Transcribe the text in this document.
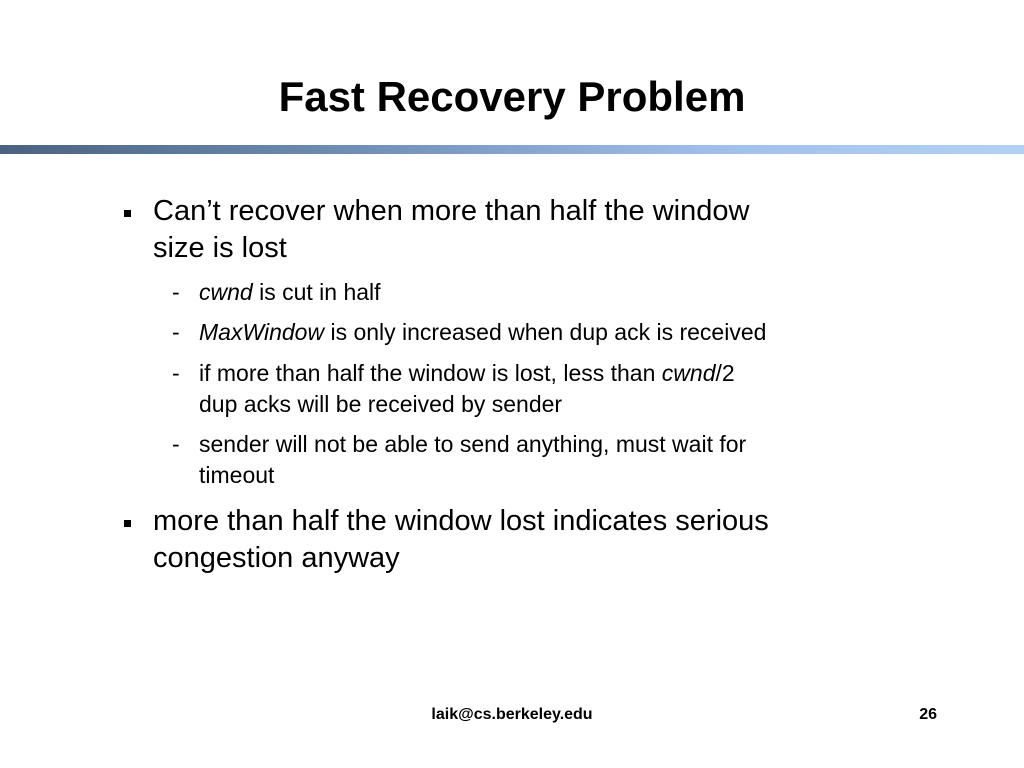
Fast Recovery Problem
Can’t recover when more than half the window
size is lost
- cwnd is cut in half
- MaxWindow is only increased when dup ack is received
- if more than half the window is lost, less than cwnd/2
dup acks will be received by sender
- sender will not be able to send anything, must wait for
timeout
more than half the window lost indicates serious
congestion anyway
laik@cs.berkeley.edu	26
